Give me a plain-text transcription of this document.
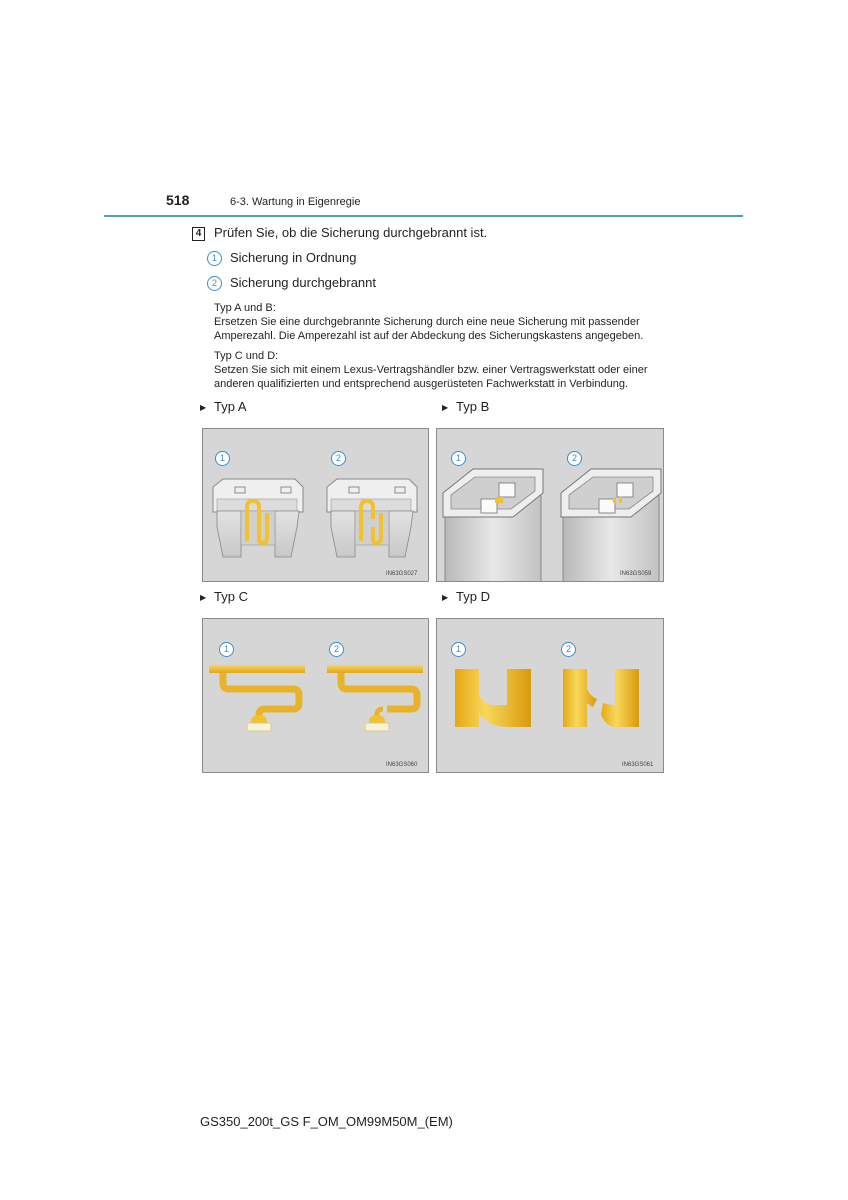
518	6-3. Wartung in Eigenregie
4 Prüfen Sie, ob die Sicherung durchgebrannt ist.
1	Sicherung in Ordnung
2	Sicherung durchgebrannt
Typ A und B:
Ersetzen Sie eine durchgebrannte Sicherung durch eine neue Sicherung mit passender
Amperezahl. Die Amperezahl ist auf der Abdeckung des Sicherungskastens angegeben.
Typ C und D:
Setzen Sie sich mit einem Lexus-Vertragshändler bzw. einer Vertragswerkstatt oder einer
anderen qualifizierten und entsprechend ausgerüsteten Fachwerkstatt in Verbindung.
▶ Typ A	▶ Typ B
1	2
IN63GS027
1	2
IN63GS059
▶ Typ C	▶ Typ D
1	2
IN63GS060
1	2
IN63GS061
GS350_200t_GS F_OM_OM99M50M_(EM)
